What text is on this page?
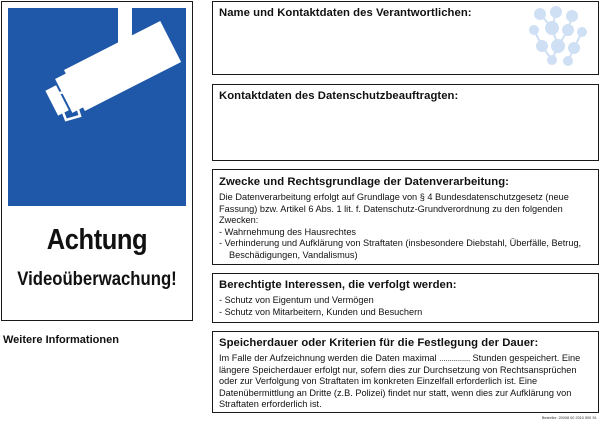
Achtung
Videoüberwachung!
Weitere Informationen
Name und Kontaktdaten des Verantwortlichen:
Kontaktdaten des Datenschutzbeauftragten:
Zwecke und Rechtsgrundlage der Datenverarbeitung:

Die Datenverarbeitung erfolgt auf Grundlage von § 4 Bundesdatenschutzgesetz (neue Fassung) bzw. Artikel 6 Abs. 1 lit. f. Datenschutz-Grundverordnung zu den folgenden Zwecken:

- Wahrnehmung des Hausrechtes
- Verhinderung und Aufklärung von Straftaten (insbesondere Diebstahl, Überfälle, Betrug, Beschädigungen, Vandalismus)
Berechtigte Interessen, die verfolgt werden:
- Schutz von Eigentum und Vermögen
- Schutz von Mitarbeitern, Kunden und Besuchern
Speicherdauer oder Kriterien für die Festlegung der Dauer:

Im Falle der Aufzeichnung werden die Daten maximal ............... Stunden gespeichert. Eine längere Speicherdauer erfolgt nur, sofern dies zur Durchsetzung von Rechtsansprüchen oder zur Verfolgung von Straftaten im konkreten Einzelfall erforderlich ist. Eine Datenübermittlung an Dritte (z.B. Polizei) findet nur statt, wenn dies zur Aufklärung von Straftaten erforderlich ist.

Bestellnr. 20008 00 2010 500 St.
